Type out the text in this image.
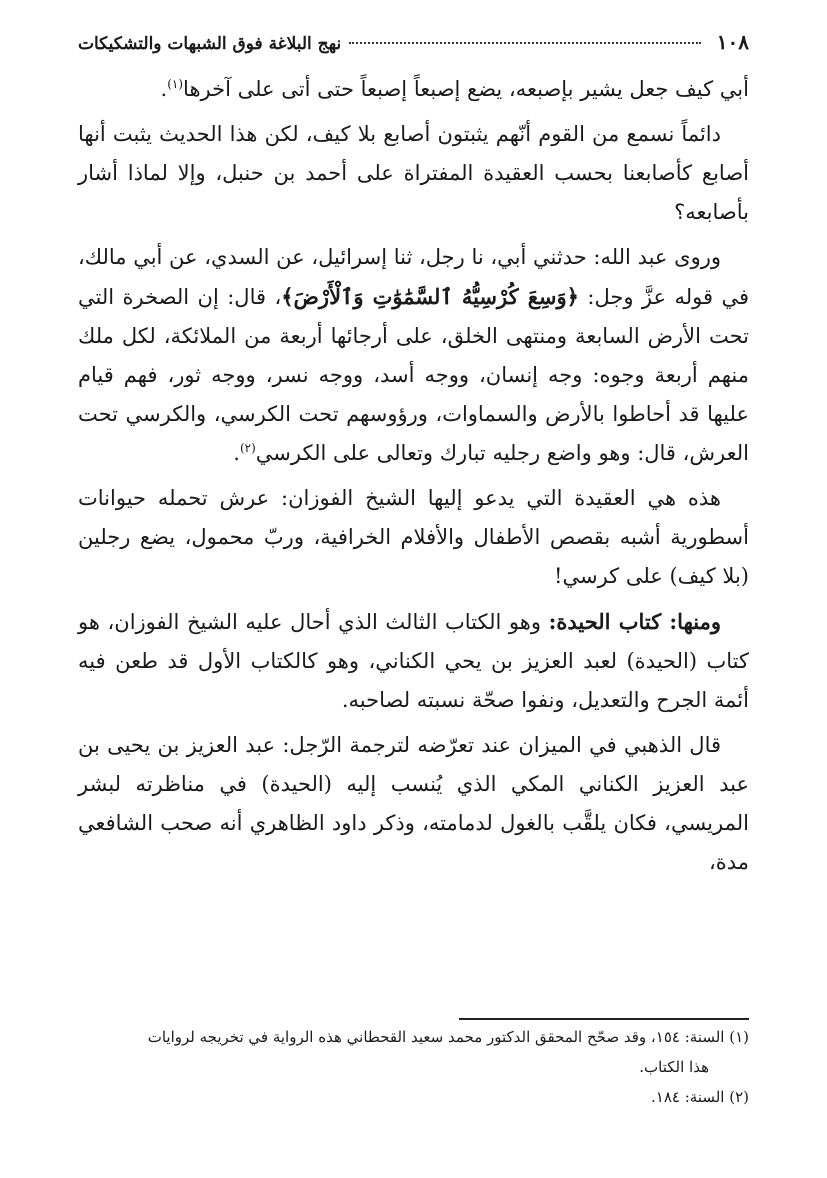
١٠٨
نهج البلاغة فوق الشبهات والتشكيكات

أبي كيف جعل يشير بإصبعه، يضع إصبعاً إصبعاً حتى أتى على آخرها$^{(١)}$.

دائماً نسمع من القوم أنّهم يثبتون أصابع بلا كيف، لكن هذا الحديث يثبت أنها أصابع كأصابعنا بحسب العقيدة المفتراة على أحمد بن حنبل، وإلا لماذا أشار بأصابعه؟

وروى عبد الله: حدثني أبي، نا رجل، ثنا إسرائيل، عن السدي، عن أبي مالك، في قوله عزَّ وجل: ﴿وَسِعَ كُرْسِيُّهُ ٱلسَّمَٰوَٰتِ وَٱلْأَرْضَ﴾، قال: إن الصخرة التي تحت الأرض السابعة ومنتهى الخلق، على أرجائها أربعة من الملائكة، لكل ملك منهم أربعة وجوه: وجه إنسان، ووجه أسد، ووجه نسر، ووجه ثور، فهم قيام عليها قد أحاطوا بالأرض والسماوات، ورؤوسهم تحت الكرسي، والكرسي تحت العرش، قال: وهو واضع رجليه تبارك وتعالى على الكرسي$^{(٢)}$.

هذه هي العقيدة التي يدعو إليها الشيخ الفوزان: عرش تحمله حيوانات أسطورية أشبه بقصص الأطفال والأفلام الخرافية، وربّ محمول، يضع رجلين (بلا كيف) على كرسي!

ومنها: كتاب الحيدة: وهو الكتاب الثالث الذي أحال عليه الشيخ الفوزان، هو كتاب (الحيدة) لعبد العزيز بن يحي الكناني، وهو كالكتاب الأول قد طعن فيه أئمة الجرح والتعديل، ونفوا صحّة نسبته لصاحبه.

قال الذهبي في الميزان عند تعرّضه لترجمة الرّجل: عبد العزيز بن يحيى بن عبد العزيز الكناني المكي الذي يُنسب إليه (الحيدة) في مناظرته لبشر المريسي، فكان يلقَّب بالغول لدمامته، وذكر داود الظاهري أنه صحب الشافعي مدة،

(١) السنة: ١٥٤، وقد صحّح المحقق الدكتور محمد سعيد القحطاني هذه الرواية في تخريجه لروايات

هذا الكتاب.

(٢) السنة: ١٨٤.
